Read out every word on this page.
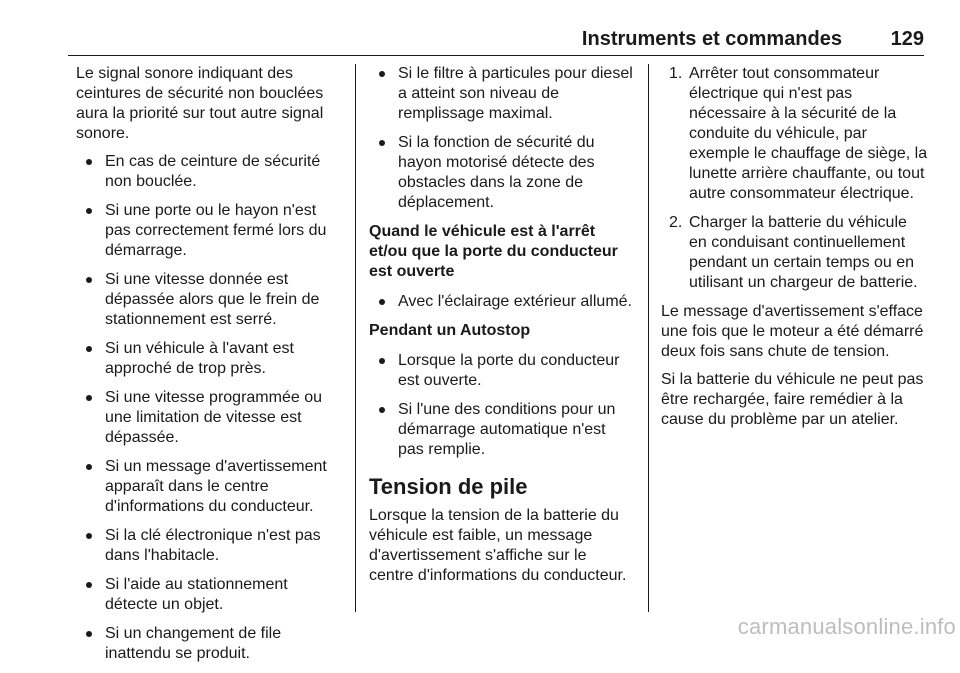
Instruments et commandes 129

Le signal sonore indiquant des ceintures de sécurité non bouclées aura la priorité sur tout autre signal sonore.

En cas de ceinture de sécurité non bouclée.
Si une porte ou le hayon n'est pas correctement fermé lors du démarrage.
Si une vitesse donnée est dépassée alors que le frein de stationnement est serré.
Si un véhicule à l'avant est approché de trop près.
Si une vitesse programmée ou une limitation de vitesse est dépassée.
Si un message d'avertissement apparaît dans le centre d'informations du conducteur.
Si la clé électronique n'est pas dans l'habitacle.
Si l'aide au stationnement détecte un objet.
Si un changement de file inattendu se produit.
Si le filtre à particules pour diesel a atteint son niveau de remplissage maximal.
Si la fonction de sécurité du hayon motorisé détecte des obstacles dans la zone de déplacement.
Quand le véhicule est à l'arrêt et/ou que la porte du conducteur est ouverte
Avec l'éclairage extérieur allumé.
Pendant un Autostop
Lorsque la porte du conducteur est ouverte.
Si l'une des conditions pour un démarrage automatique n'est pas remplie.
Tension de pile

Lorsque la tension de la batterie du véhicule est faible, un message d'avertissement s'affiche sur le centre d'informations du conducteur.

1. Arrêter tout consommateur électrique qui n'est pas nécessaire à la sécurité de la conduite du véhicule, par exemple le chauffage de siège, la lunette arrière chauffante, ou tout autre consommateur électrique.
2. Charger la batterie du véhicule en conduisant continuellement pendant un certain temps ou en utilisant un chargeur de batterie.

Le message d'avertissement s'efface une fois que le moteur a été démarré deux fois sans chute de tension.

Si la batterie du véhicule ne peut pas être rechargée, faire remédier à la cause du problème par un atelier.

carmanualsonline.info
